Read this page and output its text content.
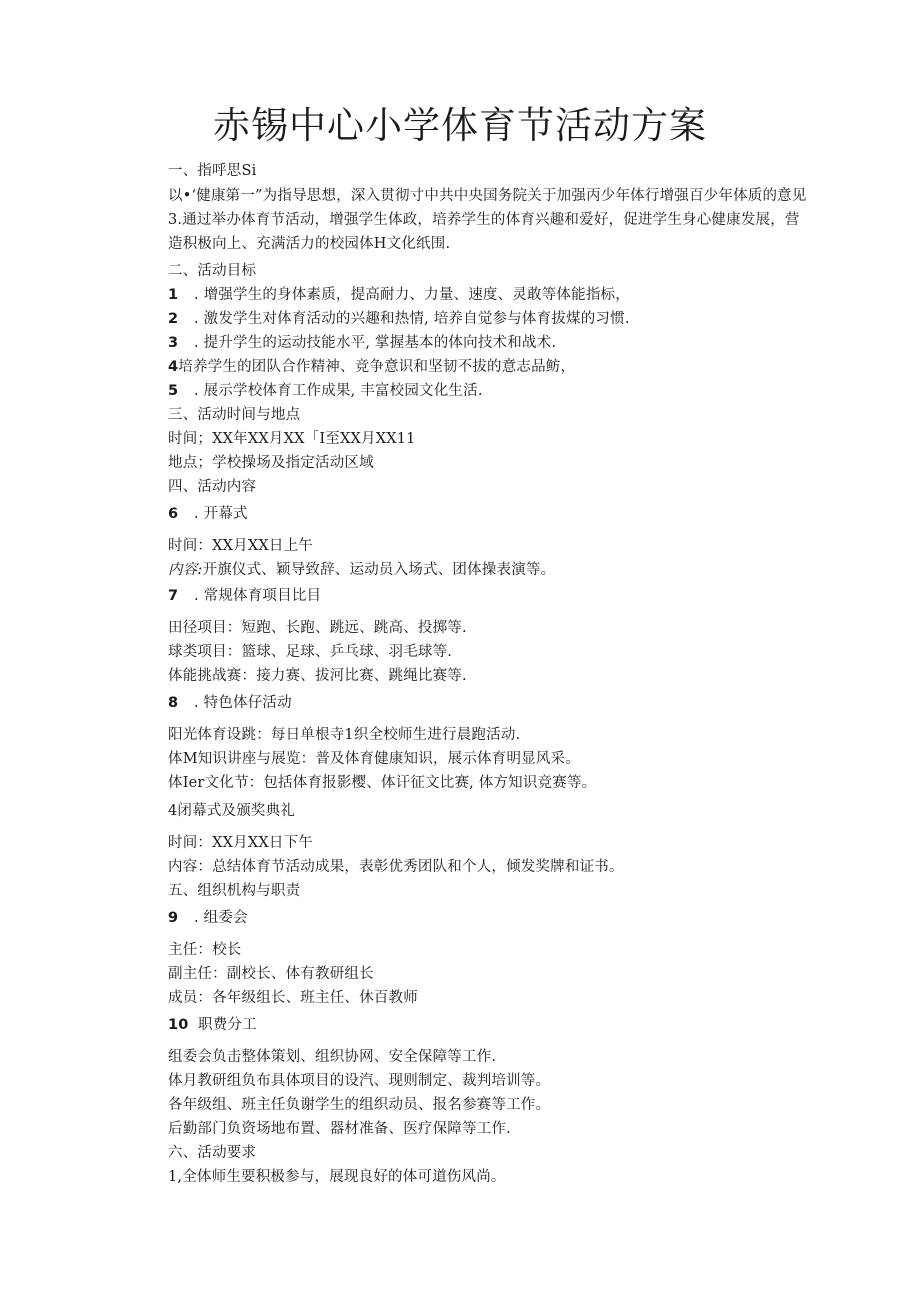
赤锡中心小学体育节活动方案
一、指呼思Si
以•‘健康第一”为指导思想，深入贯彻寸中共中央国务院关于加强丙少年体行增强百少年体质的意见3.通过举办体育节活动，增强学生体政，培养学生的体育兴趣和爱好，促进学生身心健康发展，营造积极向上、充满活力的校园体H文化纸围.
二、活动目标
1 . 增强学生的身体素质，提高耐力、力量、速度、灵敢等体能指标，
2 . 激发学生对体育活动的兴趣和热情, 培养自觉参与体育拔煤的习惯.
3 . 提升学生的运动技能水平, 掌握基本的体向技术和战术.
4培养学生的团队合作精神、竞争意识和坚韧不拔的意志品鲂，
5 . 展示学校体育工作成果, 丰富校园文化生活.
三、活动时间与地点
时间；XX年XX月XX「I至XX月XX11
地点；学校操场及指定活动区域
四、活动内容
6 . 开幕式
时间：XX月XX日上午
内容:开旗仪式、颖导致辞、运动员入场式、团体操表演等。
7 . 常规体育项目比目
田径项目：短跑、长跑、跳远、跳高、投掷等.
球类项目：篮球、足球、乒乓球、羽毛球等.
体能挑战赛：接力赛、拔河比赛、跳绳比赛等.
8 . 特色体仔活动
阳光体育设跳：每日单根寺1织全校师生进行晨跑活动.
体M知识讲座与展览：普及体育健康知识，展示体育明显风采。
体Ier文化节：包括体育报影樱、体讦征文比赛, 体方知识竞赛等。
4闭幕式及颁奖典礼
时间：XX月XX日下午
内容：总结体育节活动成果，表彰优秀团队和个人，倾发奖牌和证书。
五、组织机构与职责
9 . 组委会
主任：校长
副主任：副校长、体有教研组长
成员：各年级组长、班主任、休百教师
10 职费分工
组委会负击整体策划、组织协网、安全保障等工作.
体月教研组负布具体项目的设汽、现则制定、裁判培训等。
各年级组、班主任负谢学生的组织动员、报名参赛等工作。
后勤部门负资场地布置、器材准备、医疗保障等工作.
六、活动要求
1,全体师生要积极参与，展现良好的体可道伤风尚。
